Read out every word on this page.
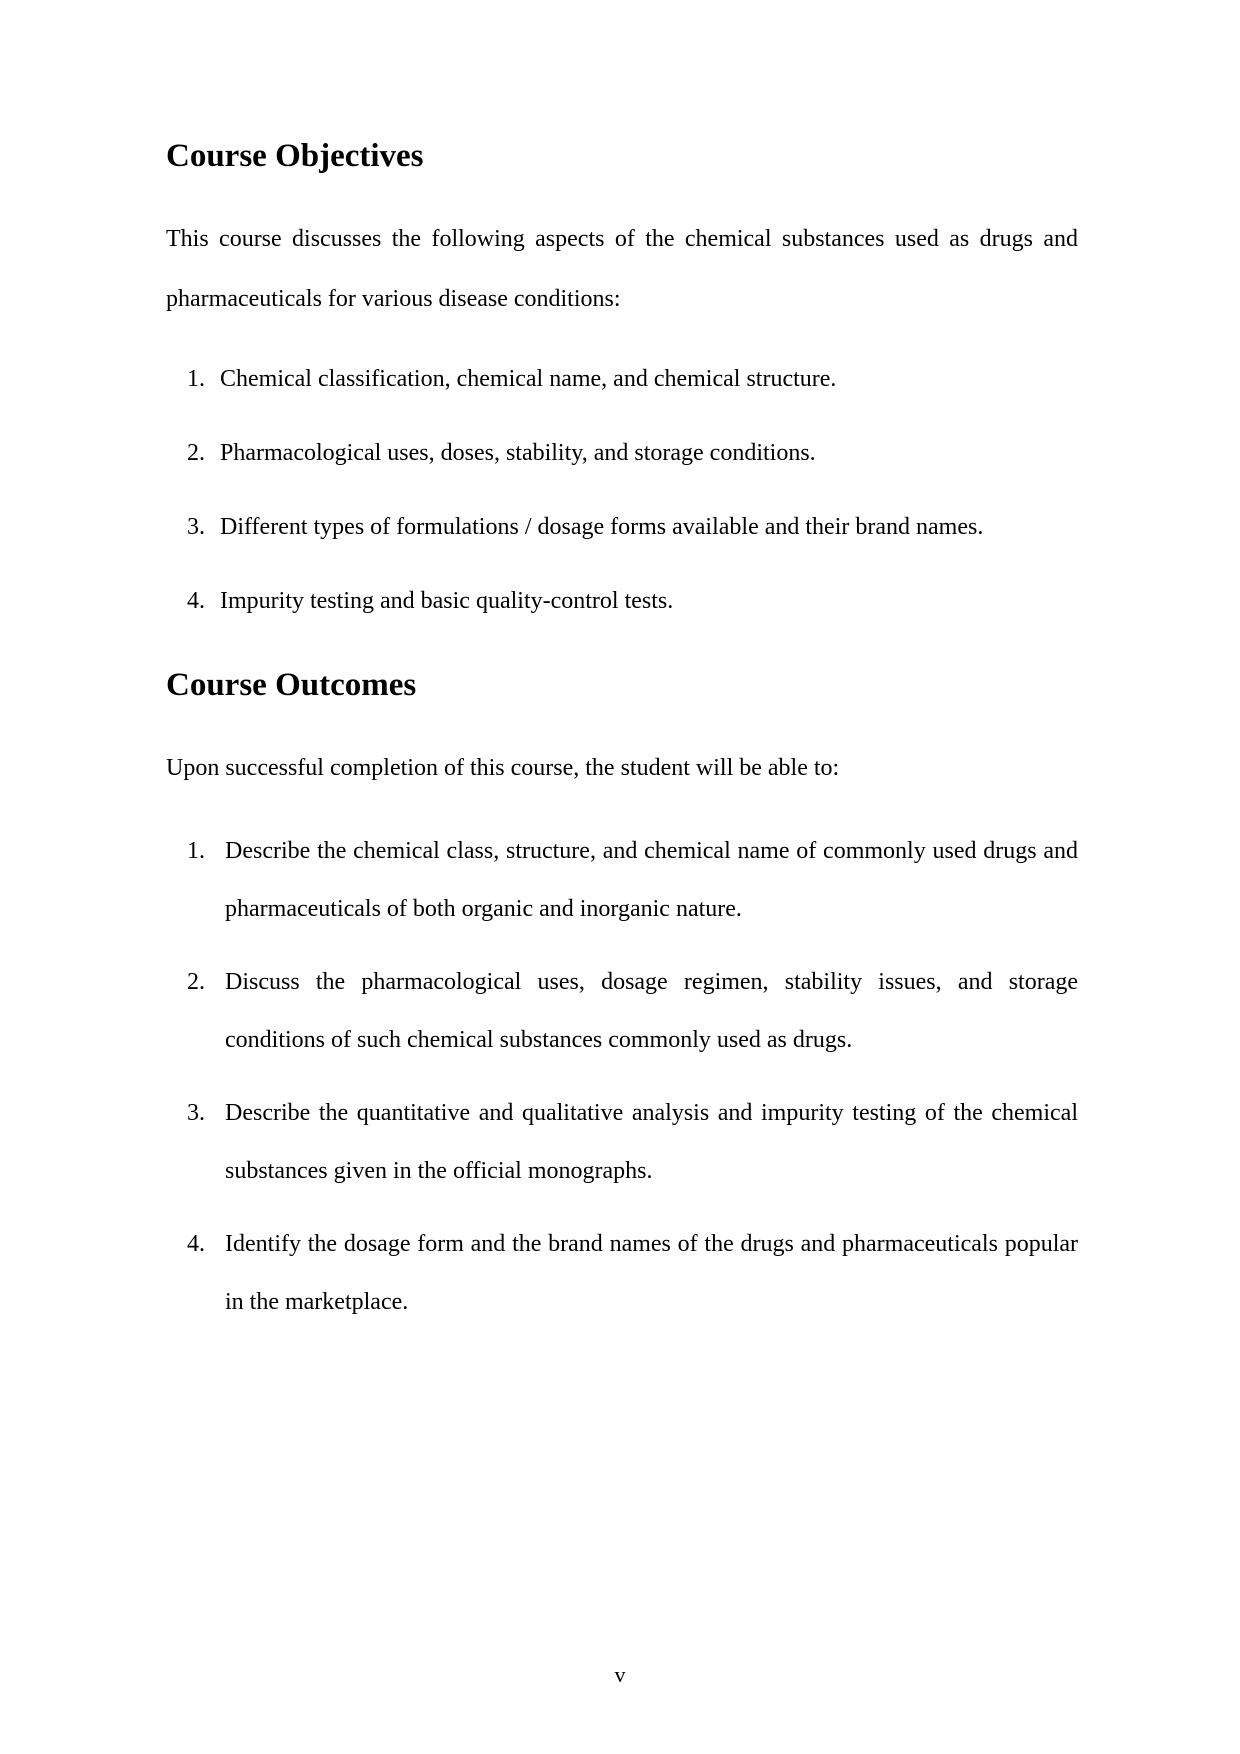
Course Objectives

This course discusses the following aspects of the chemical substances used as drugs and pharmaceuticals for various disease conditions:

1. Chemical classification, chemical name, and chemical structure.
2. Pharmacological uses, doses, stability, and storage conditions.
3. Different types of formulations / dosage forms available and their brand names.
4. Impurity testing and basic quality-control tests.
Course Outcomes

Upon successful completion of this course, the student will be able to:

1. Describe the chemical class, structure, and chemical name of commonly used drugs and pharmaceuticals of both organic and inorganic nature.
2. Discuss the pharmacological uses, dosage regimen, stability issues, and storage conditions of such chemical substances commonly used as drugs.
3. Describe the quantitative and qualitative analysis and impurity testing of the chemical substances given in the official monographs.
4. Identify the dosage form and the brand names of the drugs and pharmaceuticals popular in the marketplace.
v
